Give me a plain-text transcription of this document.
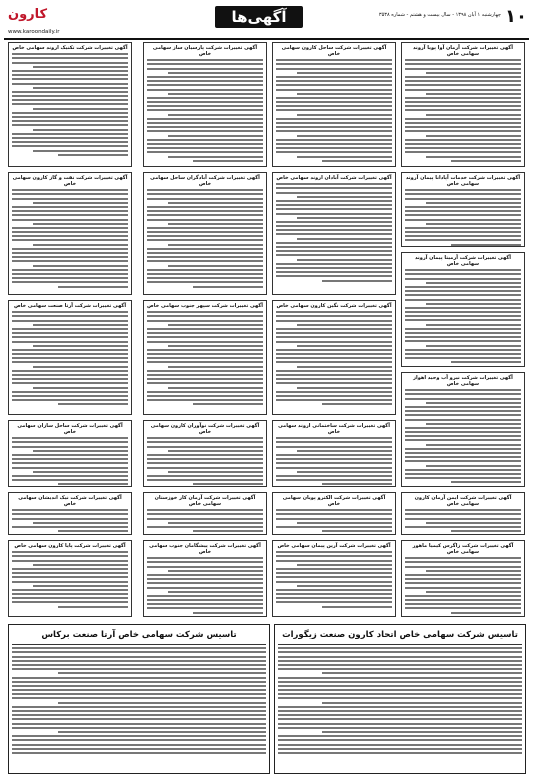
۱۰
چهارشنبه ۱ آبان ۱۳۹۸ - سال بیست و هشتم - شماره ۳۵۳۸
آگهی‌ها
کارون
www.karoondaily.ir
آگهی تغییرات شرکت آرمان آوا پویا آروند سهامی خاص
آگهی تغییرات شرکت خدمات آپادانا پیمان آروند سهامی خاص
آگهی تغییرات شرکت آرمیتا پیمان آروند سهامی خاص
آگهی تغییرات شرکت نیرو آب وحید اهواز سهامی خاص
آگهی تغییرات شرکت ایمن آرمان کارون سهامی خاص
آگهی تغییرات شرکت زاگرس کیمیا ماهور سهامی خاص
آگهی تغییرات شرکت ساحل کارون سهامی خاص
آگهی تغییرات شرکت آبادان اروند سهامی خاص
آگهی تغییرات شرکت نگین کارون سهامی خاص
آگهی تغییرات شرکت ساختمانی اروند سهامی خاص
آگهی تغییرات شرکت الکترو پویان سهامی خاص
آگهی تغییرات شرکت آرین پیمان سهامی خاص
آگهی تغییرات شرکت پارسیان ساز سهامی خاص
آگهی تغییرات شرکت آبادگران ساحل سهامی خاص
آگهی تغییرات شرکت سپهر جنوب سهامی خاص
آگهی تغییرات شرکت نوآوران کارون سهامی خاص
آگهی تغییرات شرکت آرمان کار خوزستان سهامی خاص
آگهی تغییرات شرکت پیشگامان جنوب سهامی خاص
آگهی تغییرات شرکت تکنیک اروند سهامی خاص
آگهی تغییرات شرکت نفت و گاز کارون سهامی خاص
آگهی تغییرات شرکت آرتا صنعت سهامی خاص
آگهی تغییرات شرکت ساحل سازان سهامی خاص
آگهی تغییرات شرکت نیک اندیشان سهامی خاص
آگهی تغییرات شرکت پایا کارون سهامی خاص
تاسیس شرکت سهامی خاص آرتا صنعت برکاس	تاسیس شرکت سهامی خاص اتحاد کارون صنعت زیگورات
